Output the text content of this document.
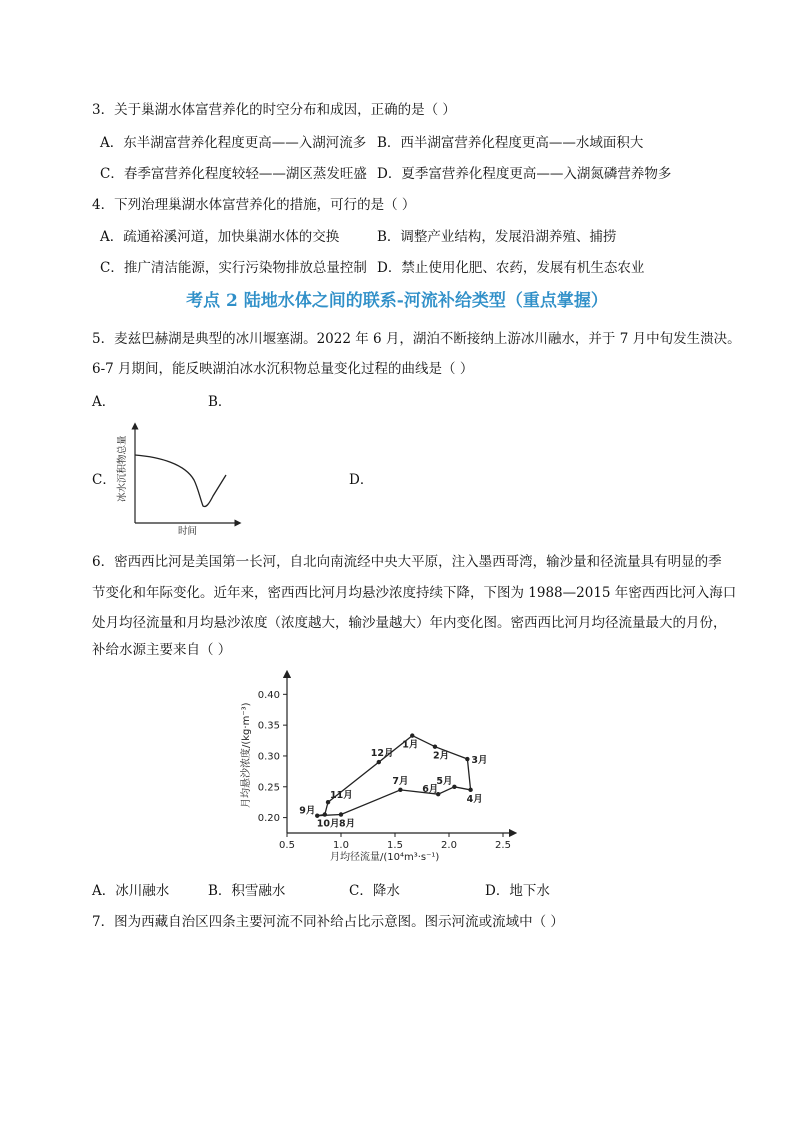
3．关于巢湖水体富营养化的时空分布和成因，正确的是（ ）
A．东半湖富营养化程度更高——入湖河流多 B．西半湖富营养化程度更高——水域面积大
C．春季富营养化程度较轻——湖区蒸发旺盛 D．夏季富营养化程度更高——入湖氮磷营养物多
4．下列治理巢湖水体富营养化的措施，可行的是（ ）
A．疏通裕溪河道，加快巢湖水体的交换	B．调整产业结构，发展沿湖养殖、捕捞
C．推广清洁能源，实行污染物排放总量控制 D．禁止使用化肥、农药，发展有机生态农业
考点 2 陆地水体之间的联系-河流补给类型（重点掌握）
5．麦兹巴赫湖是典型的冰川堰塞湖。2022 年 6 月，湖泊不断接纳上游冰川融水，并于 7 月中旬发生溃决。
6-7 月期间，能反映湖泊冰水沉积物总量变化过程的曲线是（ ）
A．	B．
C．	D．
冰水沉积物总量
时间
6．密西西比河是美国第一长河，自北向南流经中央大平原，注入墨西哥湾，输沙量和径流量具有明显的季
节变化和年际变化。近年来，密西西比河月均悬沙浓度持续下降，下图为 1988—2015 年密西西比河入海口
处月均径流量和月均悬沙浓度（浓度越大，输沙量越大）年内变化图。密西西比河月均径流量最大的月份，
补给水源主要来自（ ）
0.5	1.0	1.5	2.0	2.5
0.20
0.25
0.30
0.35
0.40
1月
2月 3月
4月
5月
6月
7月
8月
9月
10月
11月
12月
月均径流量/(10⁴m³·s⁻¹)
月均悬沙浓度/(kg·m⁻³)
A．冰川融水	B．积雪融水	C．降水	D．地下水
7．图为西藏自治区四条主要河流不同补给占比示意图。图示河流或流域中（ ）
